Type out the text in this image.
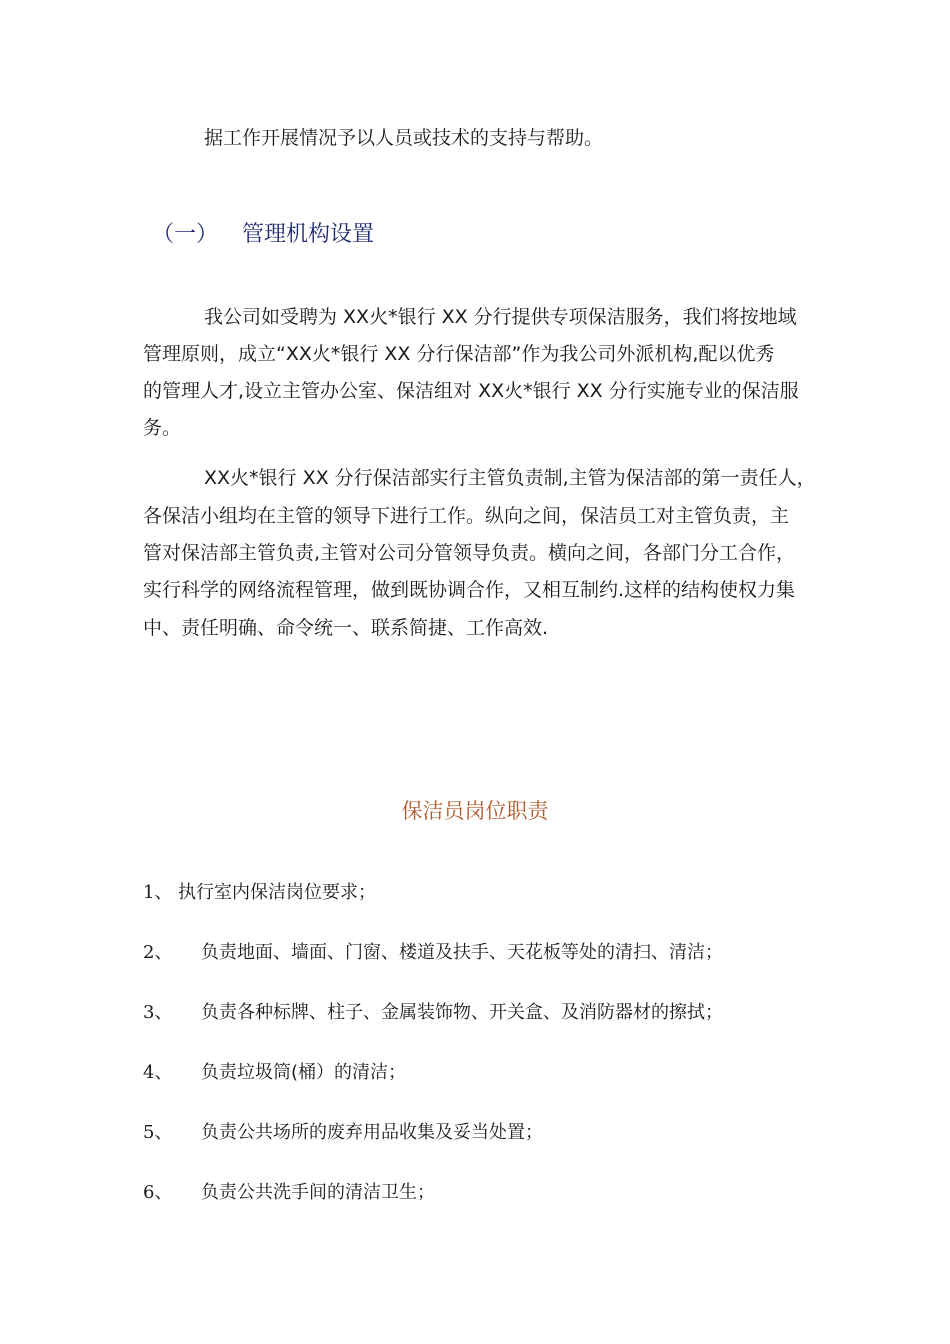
据工作开展情况予以人员或技术的支持与帮助。
（一） 管理机构设置
我公司如受聘为 XX⽕*银行 XX 分行提供专项保洁服务，我们将按地域
管理原则，成立“XX⽕*银行 XX 分行保洁部”作为我公司外派机构,配以优秀
的管理人才,设立主管办公室、保洁组对 XX⽕*银行 XX 分行实施专业的保洁服
务。
XX⽕*银行 XX 分行保洁部实行主管负责制,主管为保洁部的第一责任人，
各保洁小组均在主管的领导下进行工作。纵向之间，保洁员工对主管负责，主
管对保洁部主管负责,主管对公司分管领导负责。横向之间，各部门分工合作，
实行科学的网络流程管理，做到既协调合作，又相互制约.这样的结构使权力集
中、责任明确、命令统一、联系简捷、工作高效.
保洁员岗位职责
1、 执行室内保洁岗位要求；
2、 负责地面、墙面、门窗、楼道及扶手、天花板等处的清扫、清洁；
3、 负责各种标牌、柱子、金属装饰物、开关盒、及消防器材的擦拭；
4、 负责垃圾筒(桶）的清洁；
5、 负责公共场所的废弃用品收集及妥当处置；
6、 负责公共洗手间的清洁卫生；
